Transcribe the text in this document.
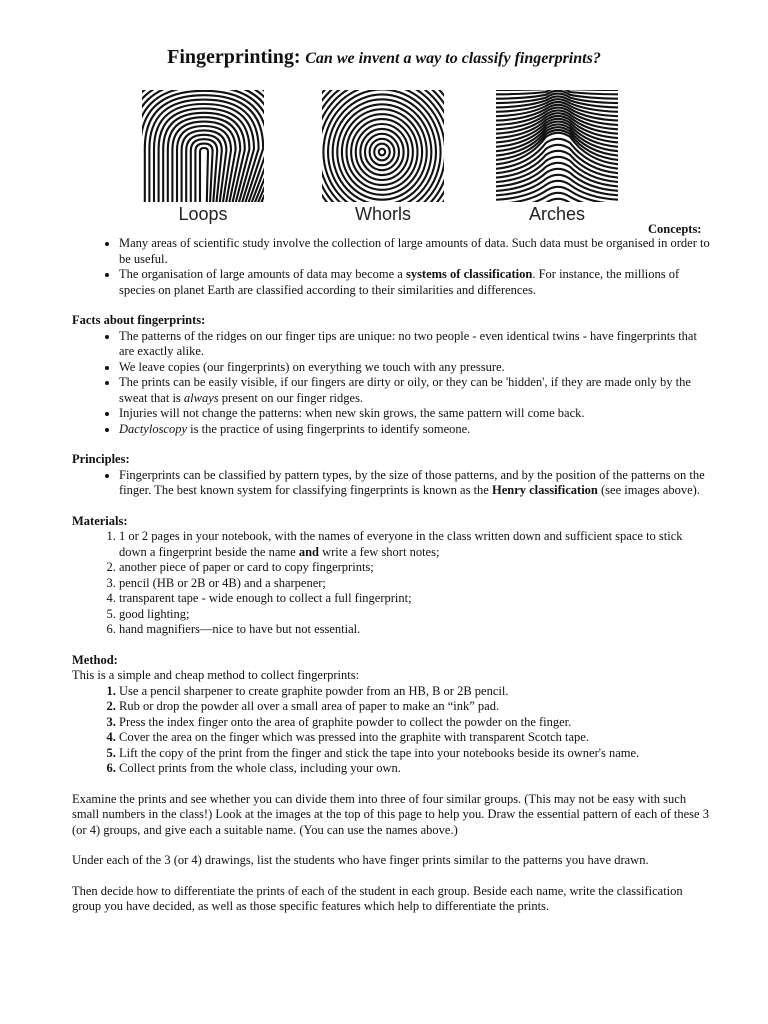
Fingerprinting: Can we invent a way to classify fingerprints?
Loops	Whorls	Arches
Concepts:
• Many areas of scientific study involve the collection of large amounts of data. Such data must be organised in order to be useful.
• The organisation of large amounts of data may become a systems of classification. For instance, the millions of species on planet Earth are classified according to their similarities and differences.

Facts about fingerprints:

• The patterns of the ridges on our finger tips are unique: no two people - even identical twins - have fingerprints that are exactly alike.
• We leave copies (our fingerprints) on everything we touch with any pressure.
• The prints can be easily visible, if our fingers are dirty or oily, or they can be 'hidden', if they are made only by the sweat that is always present on our finger ridges.
• Injuries will not change the patterns: when new skin grows, the same pattern will come back.
• Dactyloscopy is the practice of using fingerprints to identify someone.

Principles:

• Fingerprints can be classified by pattern types, by the size of those patterns, and by the position of the patterns on the finger. The best known system for classifying fingerprints is known as the Henry classification (see images above).

Materials:

1. 1 or 2 pages in your notebook, with the names of everyone in the class written down and sufficient space to stick down a fingerprint beside the name and write a few short notes;
2. another piece of paper or card to copy fingerprints;
3. pencil (HB or 2B or 4B) and a sharpener;
4. transparent tape - wide enough to collect a full fingerprint;
5. good lighting;
6. hand magnifiers—nice to have but not essential.

Method:

This is a simple and cheap method to collect fingerprints:

1. Use a pencil sharpener to create graphite powder from an HB, B or 2B pencil.
2. Rub or drop the powder all over a small area of paper to make an “ink” pad.
3. Press the index finger onto the area of graphite powder to collect the powder on the finger.
4. Cover the area on the finger which was pressed into the graphite with transparent Scotch tape.
5. Lift the copy of the print from the finger and stick the tape into your notebooks beside its owner's name.
6. Collect prints from the whole class, including your own.

Examine the prints and see whether you can divide them into three of four similar groups. (This may not be easy with such small numbers in the class!) Look at the images at the top of this page to help you. Draw the essential pattern of each of these 3 (or 4) groups, and give each a suitable name. (You can use the names above.)

Under each of the 3 (or 4) drawings, list the students who have finger prints similar to the patterns you have drawn.

Then decide how to differentiate the prints of each of the student in each group. Beside each name, write the classification group you have decided, as well as those specific features which help to differentiate the prints.
